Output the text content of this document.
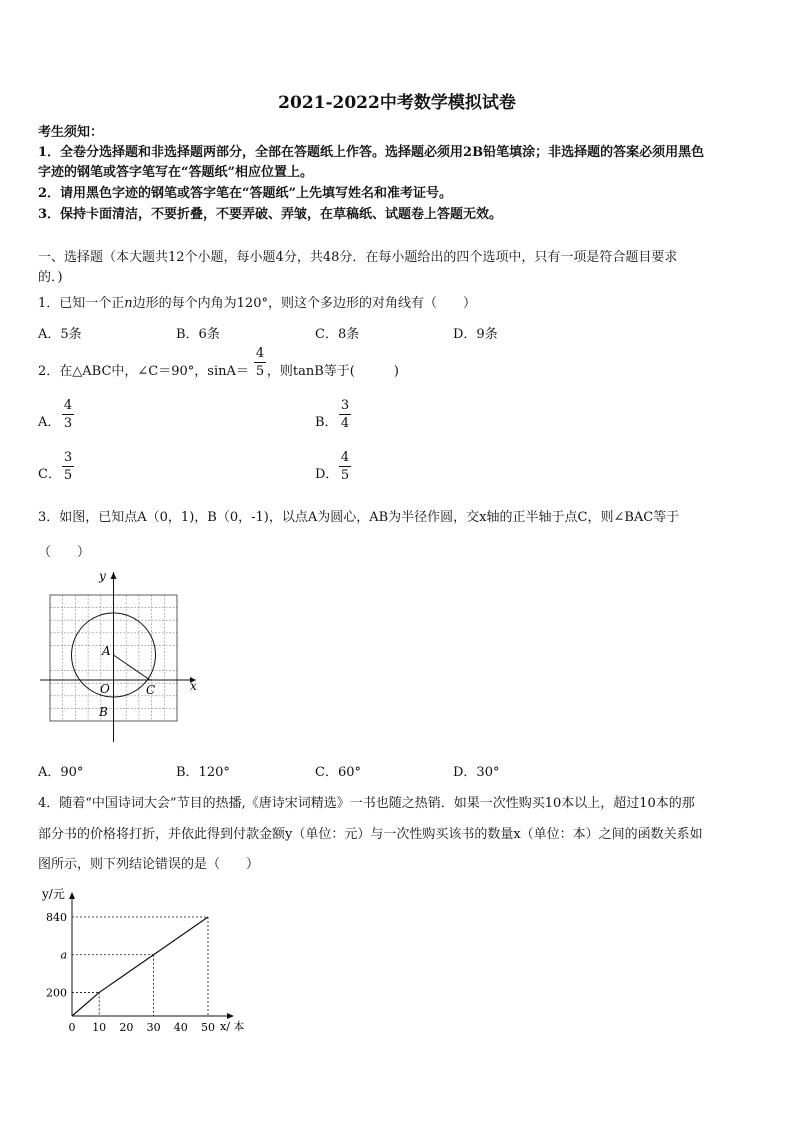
2021-2022中考数学模拟试卷
考生须知：
1．全卷分选择题和非选择题两部分，全部在答题纸上作答。选择题必须用2B铅笔填涂；非选择题的答案必须用黑色
字迹的钢笔或答字笔写在“答题纸”相应位置上。
2．请用黑色字迹的钢笔或答字笔在“答题纸”上先填写姓名和准考证号。
3．保持卡面清洁，不要折叠，不要弄破、弄皱，在草稿纸、试题卷上答题无效。
一、选择题（本大题共12个小题，每小题4分，共48分．在每小题给出的四个选项中，只有一项是符合题目要求
的．)
1．已知一个正n边形的每个内角为120°，则这个多边形的对角线有（　　）
A．5条	B．6条	C．8条	D．9条
2．在△ABC中，∠C＝90°，sinA＝ ，则tanB等于(　　　)
4
5
A．
4
3	B．
3
4
C．
3
5	D．
4
5
3．如图，已知点A（0，1)，B（0，-1)，以点A为圆心，AB为半径作圆，交x轴的正半轴于点C，则∠BAC等于
（　　）
y
x
A
O
B
C
A．90°	B．120°	C．60°	D．30°
4．随着“中国诗词大会”节目的热播,《唐诗宋词精选》一书也随之热销．如果一次性购买10本以上，超过10本的那
部分书的价格将打折，并依此得到付款金额y（单位：元）与一次性购买该书的数量x（单位：本）之间的函数关系如
图所示，则下列结论错误的是（　　）
0 10 20 30 40 50
200
a
840
y/元
x/ 本
